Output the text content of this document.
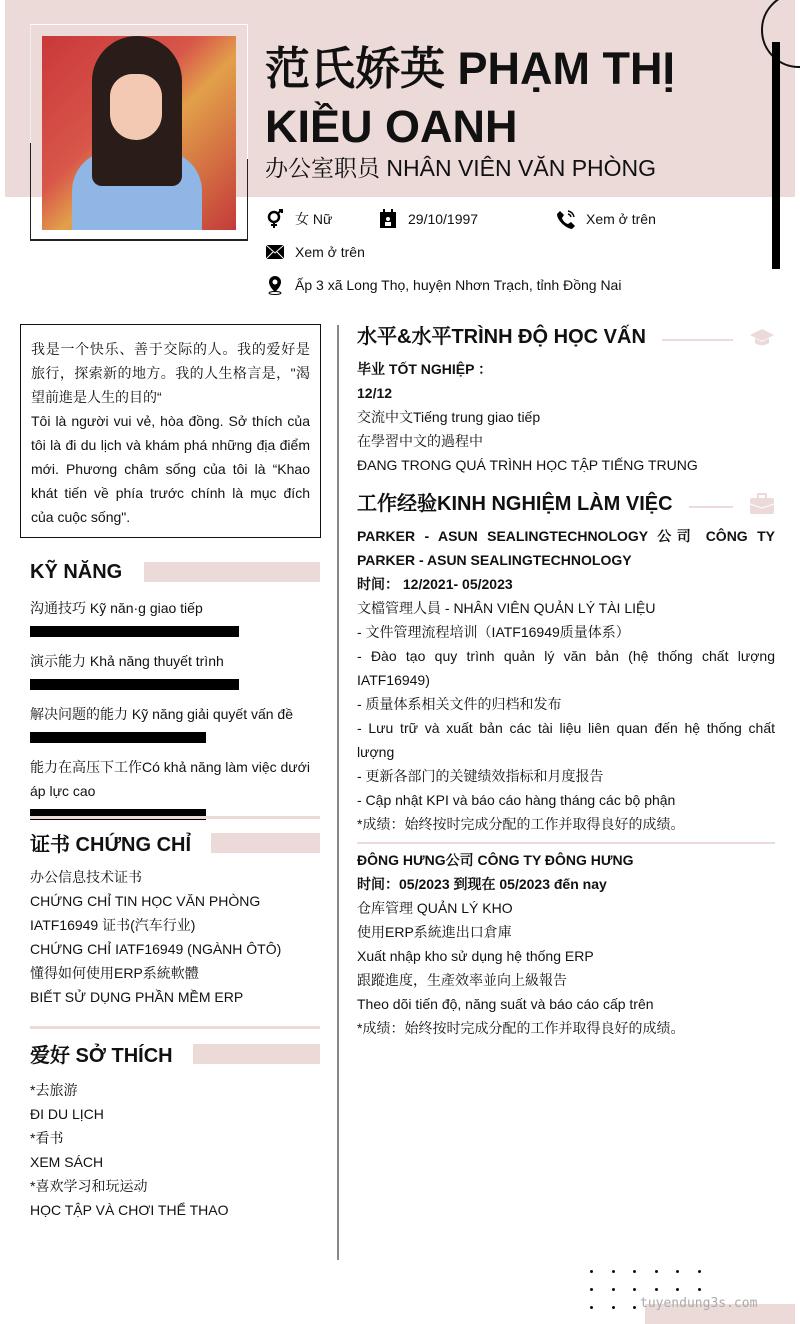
范氏娇英 PHẠM THỊ KIỀU OANH
办公室职员 NHÂN VIÊN VĂN PHÒNG
女 Nữ	29/10/1997	Xem ở trên
Xem ở trên
Ấp 3 xã Long Thọ, huyện Nhơn Trạch, tỉnh Đồng Nai
我是一个快乐、善于交际的人。我的爱好是旅行，探索新的地方。我的人生格言是，"渴望前進是人生的目的“
Tôi là người vui vẻ, hòa đồng. Sở thích của tôi là đi du lịch và khám phá những địa điểm mới. Phương châm sống của tôi là “Khao khát tiến về phía trước chính là mục đích của cuộc sống".
KỸ NĂNG
沟通技巧 Kỹ năn·g giao tiếp
演示能力 Khả năng thuyết trình
解决问题的能力 Kỹ năng giải quyết vấn đề
能力在高压下工作Có khả năng làm việc dưới áp lực cao
证书 CHỨNG CHỈ
办公信息技术证书
CHỨNG CHỈ TIN HỌC VĂN PHÒNG
IATF16949 证书(汽车行业)
CHỨNG CHỈ IATF16949 (NGÀNH ÔTÔ)
懂得如何使用ERP系統軟體
BIẾT SỬ DỤNG PHẦN MỀM ERP
爱好 SỞ THÍCH
*去旅游
ĐI DU LỊCH
*看书
XEM SÁCH
*喜欢学习和玩运动
HỌC TẬP VÀ CHƠI THỂ THAO
水平&水平TRÌNH ĐỘ HỌC VẤN
毕业 TỐT NGHIỆP ：
12/12
交流中文Tiếng trung giao tiếp
在學習中文的過程中
ĐANG TRONG QUÁ TRÌNH HỌC TẬP TIẾNG TRUNG
工作经验KINH NGHIỆM LÀM VIỆC
PARKER - ASUN SEALINGTECHNOLOGY 公司 CÔNG TY PARKER - ASUN SEALINGTECHNOLOGY
时间： 12/2021- 05/2023
文檔管理人員 - NHÂN VIÊN QUẢN LÝ TÀI LIỆU
- 文件管理流程培训（IATF16949质量体系）
- Đào tạo quy trình quản lý văn bản (hệ thống chất lượng IATF16949)
- 质量体系相关文件的归档和发布
- Lưu trữ và xuất bản các tài liệu liên quan đến hệ thống chất lượng
- 更新各部门的关键绩效指标和月度报告
- Cập nhật KPI và báo cáo hàng tháng các bộ phận
*成绩：始终按时完成分配的工作并取得良好的成绩。
ĐÔNG HƯNG公司 CÔNG TY ĐÔNG HƯNG
时间：05/2023 到现在 05/2023 đến nay
仓库管理 QUẢN LÝ KHO
使用ERP系統進出口倉庫
Xuất nhập kho sử dụng hệ thống ERP
跟蹤進度，生產效率並向上級報告
Theo dõi tiến độ, năng suất và báo cáo cấp trên
*成绩：始终按时完成分配的工作并取得良好的成绩。
tuyendung3s.com
